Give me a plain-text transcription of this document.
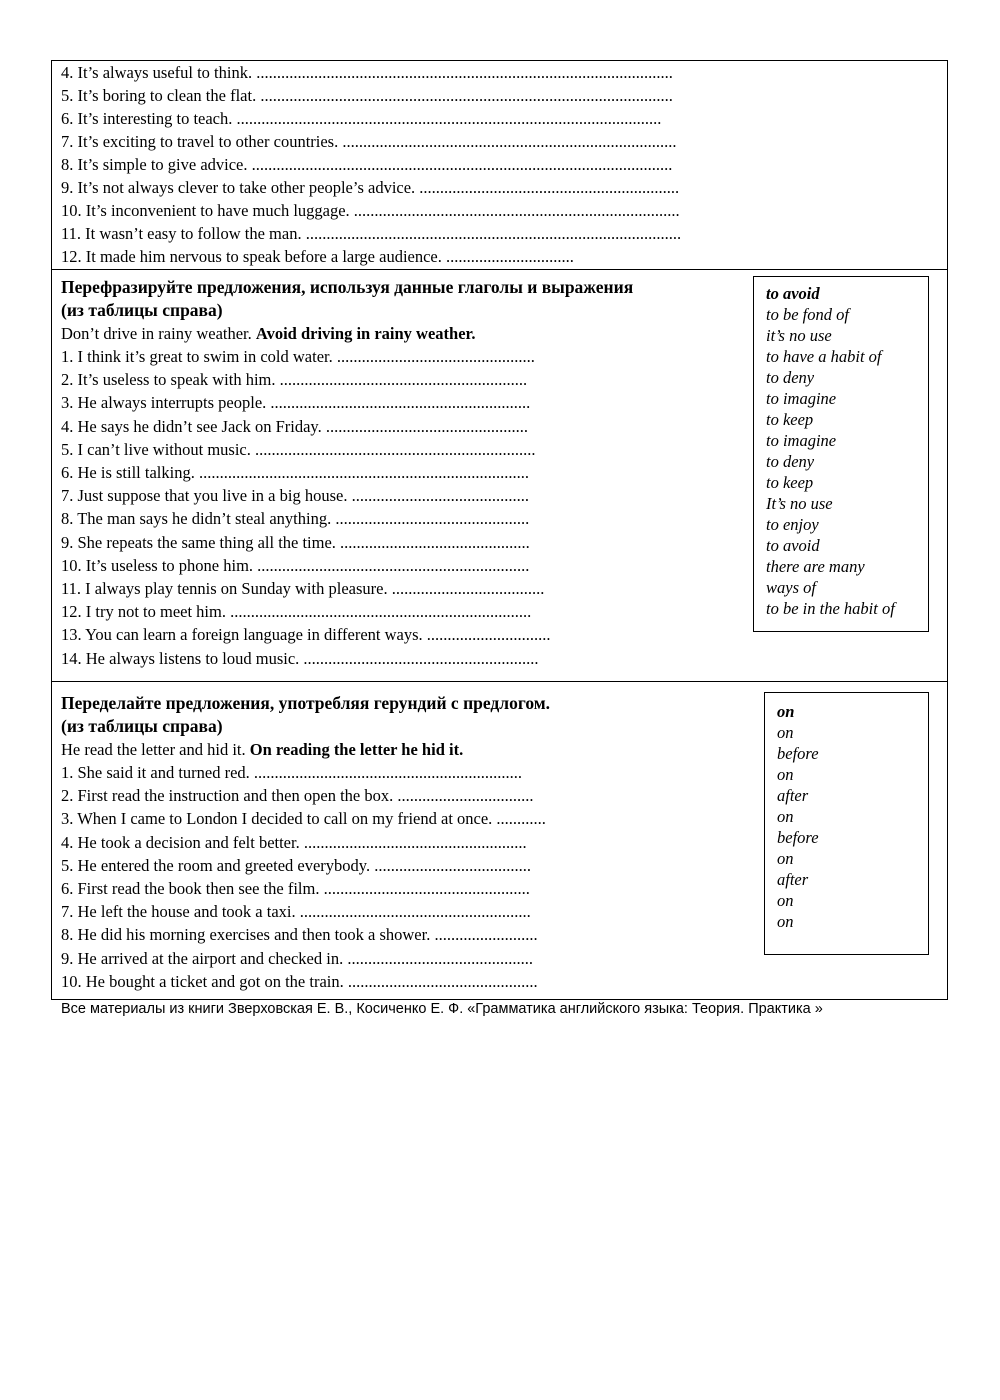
4. It’s always useful to think. .....................................................................................................
5. It’s boring to clean the flat. ....................................................................................................
6. It’s interesting to teach. .......................................................................................................
7. It’s exciting to travel to other countries. .................................................................................
8. It’s simple to give advice. ......................................................................................................
9. It’s not always clever to take other people’s advice. ...............................................................
10. It’s inconvenient to have much luggage. ...............................................................................
11. It wasn’t easy to follow the man. ...........................................................................................
12. It made him nervous to speak before a large audience. ...............................
Перефразируйте предложения, используя данные глаголы и выражения
(из таблицы справа)
Don’t drive in rainy weather. Avoid driving in rainy weather.
to avoid
to be fond of
it’s no use
to have a habit of
to deny
to imagine
to keep
to imagine
to deny
to keep
It’s no use
to enjoy
to avoid
there are many
ways of
to be in the habit of
1. I think it’s great to swim in cold water. ................................................
2. It’s useless to speak with him. ............................................................
3. He always interrupts people. ...............................................................
4. He says he didn’t see Jack on Friday. .................................................
5. I can’t live without music. ....................................................................
6. He is still talking. ................................................................................
7. Just suppose that you live in a big house. ...........................................
8. The man says he didn’t steal anything. ...............................................
9. She repeats the same thing all the time. ..............................................
10. It’s useless to phone him. ..................................................................
11. I always play tennis on Sunday with pleasure. .....................................
12. I try not to meet him. .........................................................................
13. You can learn a foreign language in different ways. ..............................
14. He always listens to loud music. .........................................................
Переделайте предложения, употребляя герундий с предлогом.
(из таблицы справа)
He read the letter and hid it. On reading the letter he hid it.
on
on
before
on
after
on
before
on
after
on
on
1. She said it and turned red. .................................................................
2. First read the instruction and then open the box. .................................
3. When I came to London I decided to call on my friend at once. ............
4. He took a decision and felt better. ......................................................
5. He entered the room and greeted everybody. ......................................
6. First read the book then see the film. ..................................................
7. He left the house and took a taxi. ........................................................
8. He did his morning exercises and then took a shower. .........................
9. He arrived at the airport and checked in. .............................................
10. He bought a ticket and got on the train. ..............................................
Все материалы из книги Зверховская Е. В., Косиченко Е. Ф. «Грамматика английского языка: Теория. Практика »
